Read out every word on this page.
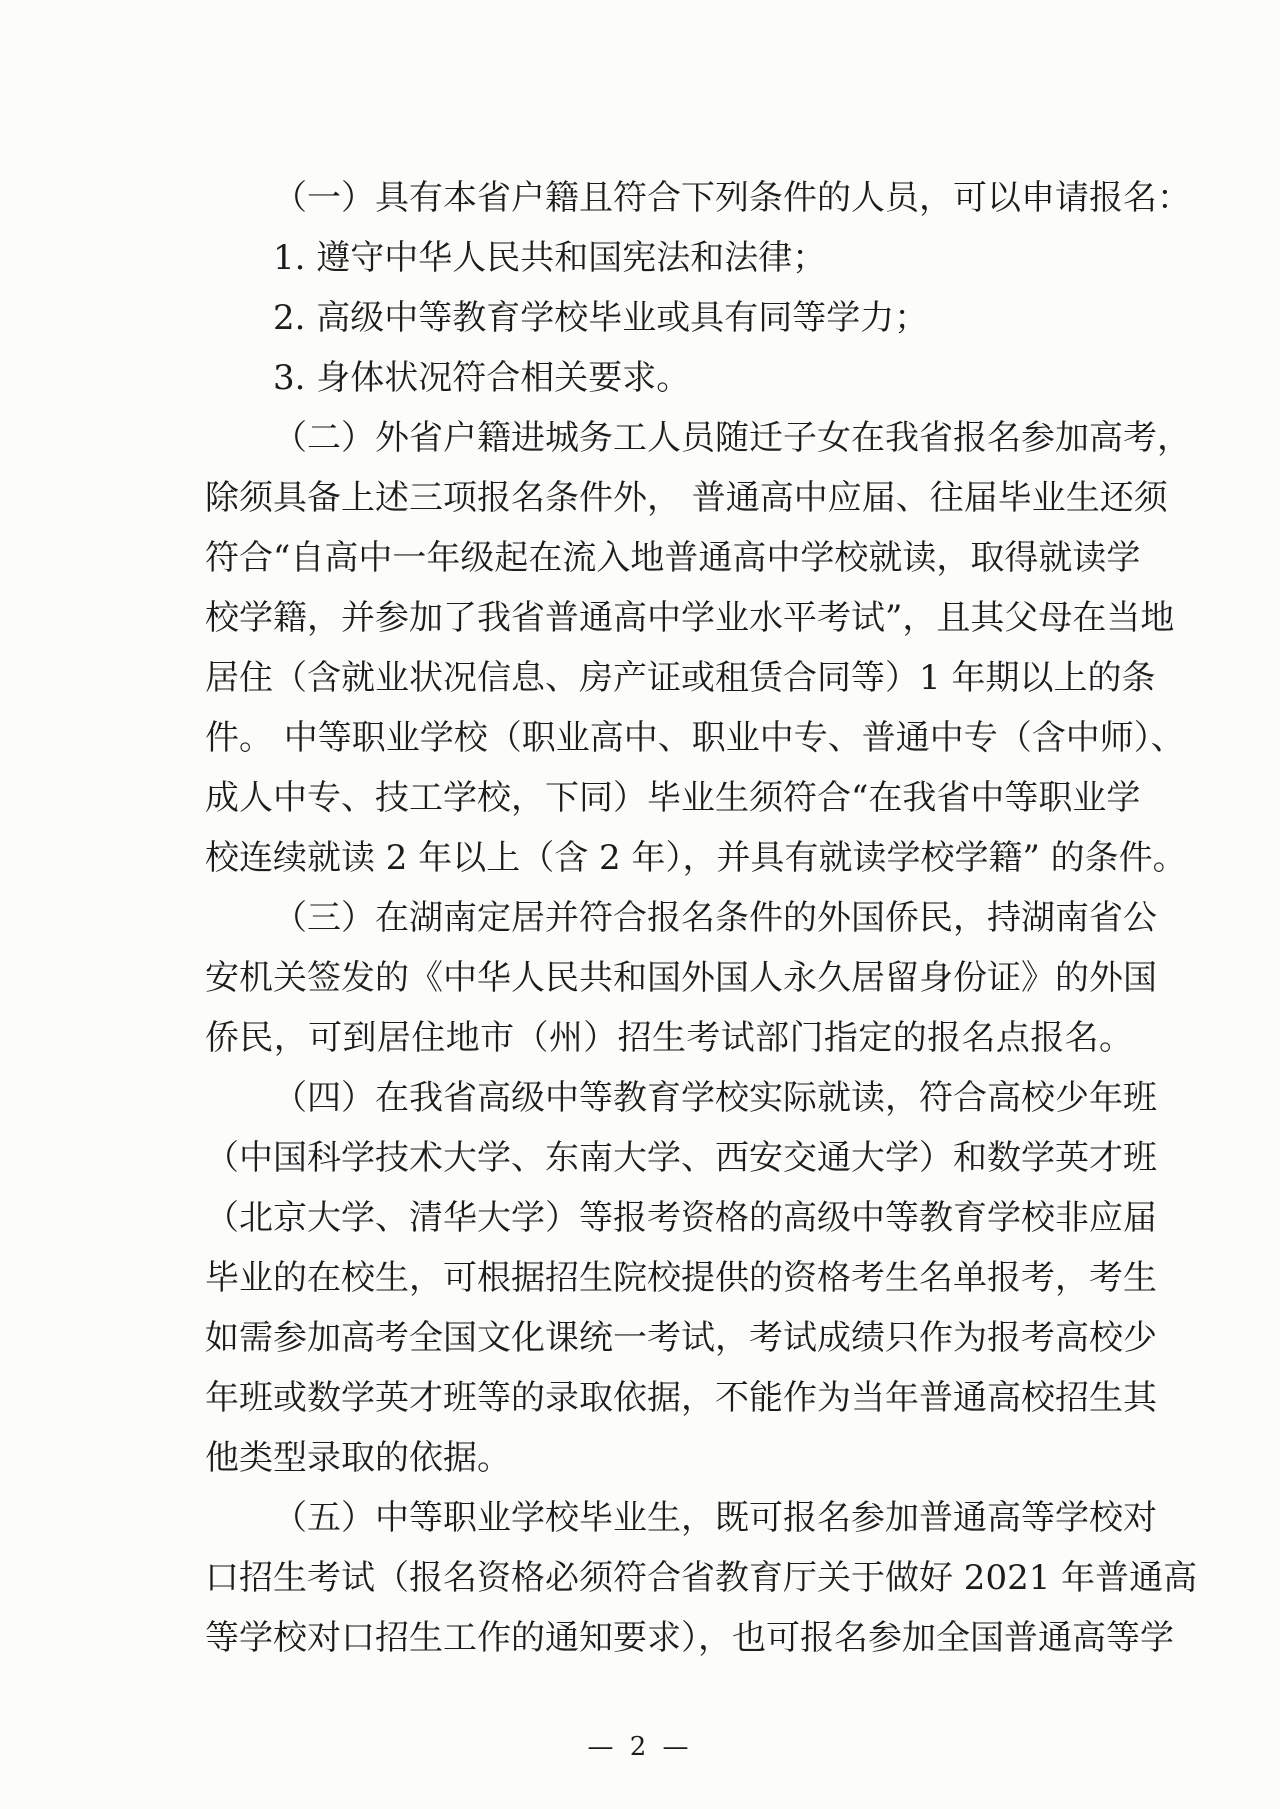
（一）具有本省户籍且符合下列条件的人员，可以申请报名：
1. 遵守中华人民共和国宪法和法律；
2. 高级中等教育学校毕业或具有同等学力；
3. 身体状况符合相关要求。
（二）外省户籍进城务工人员随迁子女在我省报名参加高考，
除须具备上述三项报名条件外， 普通高中应届、往届毕业生还须
符合“自高中一年级起在流入地普通高中学校就读，取得就读学
校学籍，并参加了我省普通高中学业水平考试”，且其父母在当地
居住（含就业状况信息、房产证或租赁合同等）1 年期以上的条
件。 中等职业学校（职业高中、职业中专、普通中专（含中师）、
成人中专、技工学校，下同）毕业生须符合“在我省中等职业学
校连续就读 2 年以上（含 2 年），并具有就读学校学籍” 的条件。
（三）在湖南定居并符合报名条件的外国侨民，持湖南省公
安机关签发的《中华人民共和国外国人永久居留身份证》的外国
侨民，可到居住地市（州）招生考试部门指定的报名点报名。
（四）在我省高级中等教育学校实际就读，符合高校少年班
（中国科学技术大学、东南大学、西安交通大学）和数学英才班
（北京大学、清华大学）等报考资格的高级中等教育学校非应届
毕业的在校生，可根据招生院校提供的资格考生名单报考，考生
如需参加高考全国文化课统一考试，考试成绩只作为报考高校少
年班或数学英才班等的录取依据，不能作为当年普通高校招生其
他类型录取的依据。
（五）中等职业学校毕业生，既可报名参加普通高等学校对
口招生考试（报名资格必须符合省教育厅关于做好 2021 年普通高
等学校对口招生工作的通知要求），也可报名参加全国普通高等学
— 2 —
